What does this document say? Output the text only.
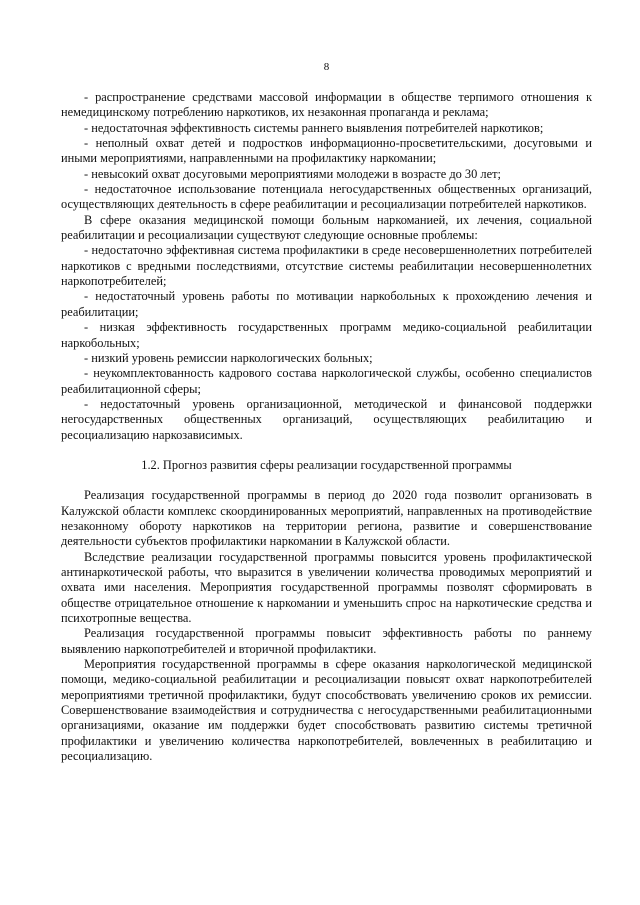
8

- распространение средствами массовой информации в обществе терпимого отношения к немедицинскому потреблению наркотиков, их незаконная пропаганда и реклама;

- недостаточная эффективность системы раннего выявления потребителей наркотиков;

- неполный охват детей и подростков информационно-просветительскими, досуговыми и иными мероприятиями, направленными на профилактику наркомании;

- невысокий охват досуговыми мероприятиями молодежи в возрасте до 30 лет;

- недостаточное использование потенциала негосударственных общественных организаций, осуществляющих деятельность в сфере реабилитации и ресоциализации потребителей наркотиков.

В сфере оказания медицинской помощи больным наркоманией, их лечения, социальной реабилитации и ресоциализации существуют следующие основные проблемы:

- недостаточно эффективная система профилактики в среде несовершеннолетних потребителей наркотиков с вредными последствиями, отсутствие системы реабилитации несовершеннолетних наркопотребителей;

- недостаточный уровень работы по мотивации наркобольных к прохождению лечения и реабилитации;

- низкая эффективность государственных программ медико-социальной реабилитации наркобольных;

- низкий уровень ремиссии наркологических больных;

- неукомплектованность кадрового состава наркологической службы, особенно специалистов реабилитационной сферы;

- недостаточный уровень организационной, методической и финансовой поддержки негосударственных общественных организаций, осуществляющих реабилитацию и ресоциализацию наркозависимых.

1.2. Прогноз развития сферы реализации государственной программы

Реализация государственной программы в период до 2020 года позволит организовать в Калужской области комплекс скоординированных мероприятий, направленных на противодействие незаконному обороту наркотиков на территории региона, развитие и совершенствование деятельности субъектов профилактики наркомании в Калужской области.

Вследствие реализации государственной программы повысится уровень профилактической антинаркотической работы, что выразится в увеличении количества проводимых мероприятий и охвата ими населения. Мероприятия государственной программы позволят сформировать в обществе отрицательное отношение к наркомании и уменьшить спрос на наркотические средства и психотропные вещества.

Реализация государственной программы повысит эффективность работы по раннему выявлению наркопотребителей и вторичной профилактики.

Мероприятия государственной программы в сфере оказания наркологической медицинской помощи, медико-социальной реабилитации и ресоциализации повысят охват наркопотребителей мероприятиями третичной профилактики, будут способствовать увеличению сроков их ремиссии. Совершенствование взаимодействия и сотрудничества с негосударственными реабилитационными организациями, оказание им поддержки будет способствовать развитию системы третичной профилактики и увеличению количества наркопотребителей, вовлеченных в реабилитацию и ресоциализацию.
